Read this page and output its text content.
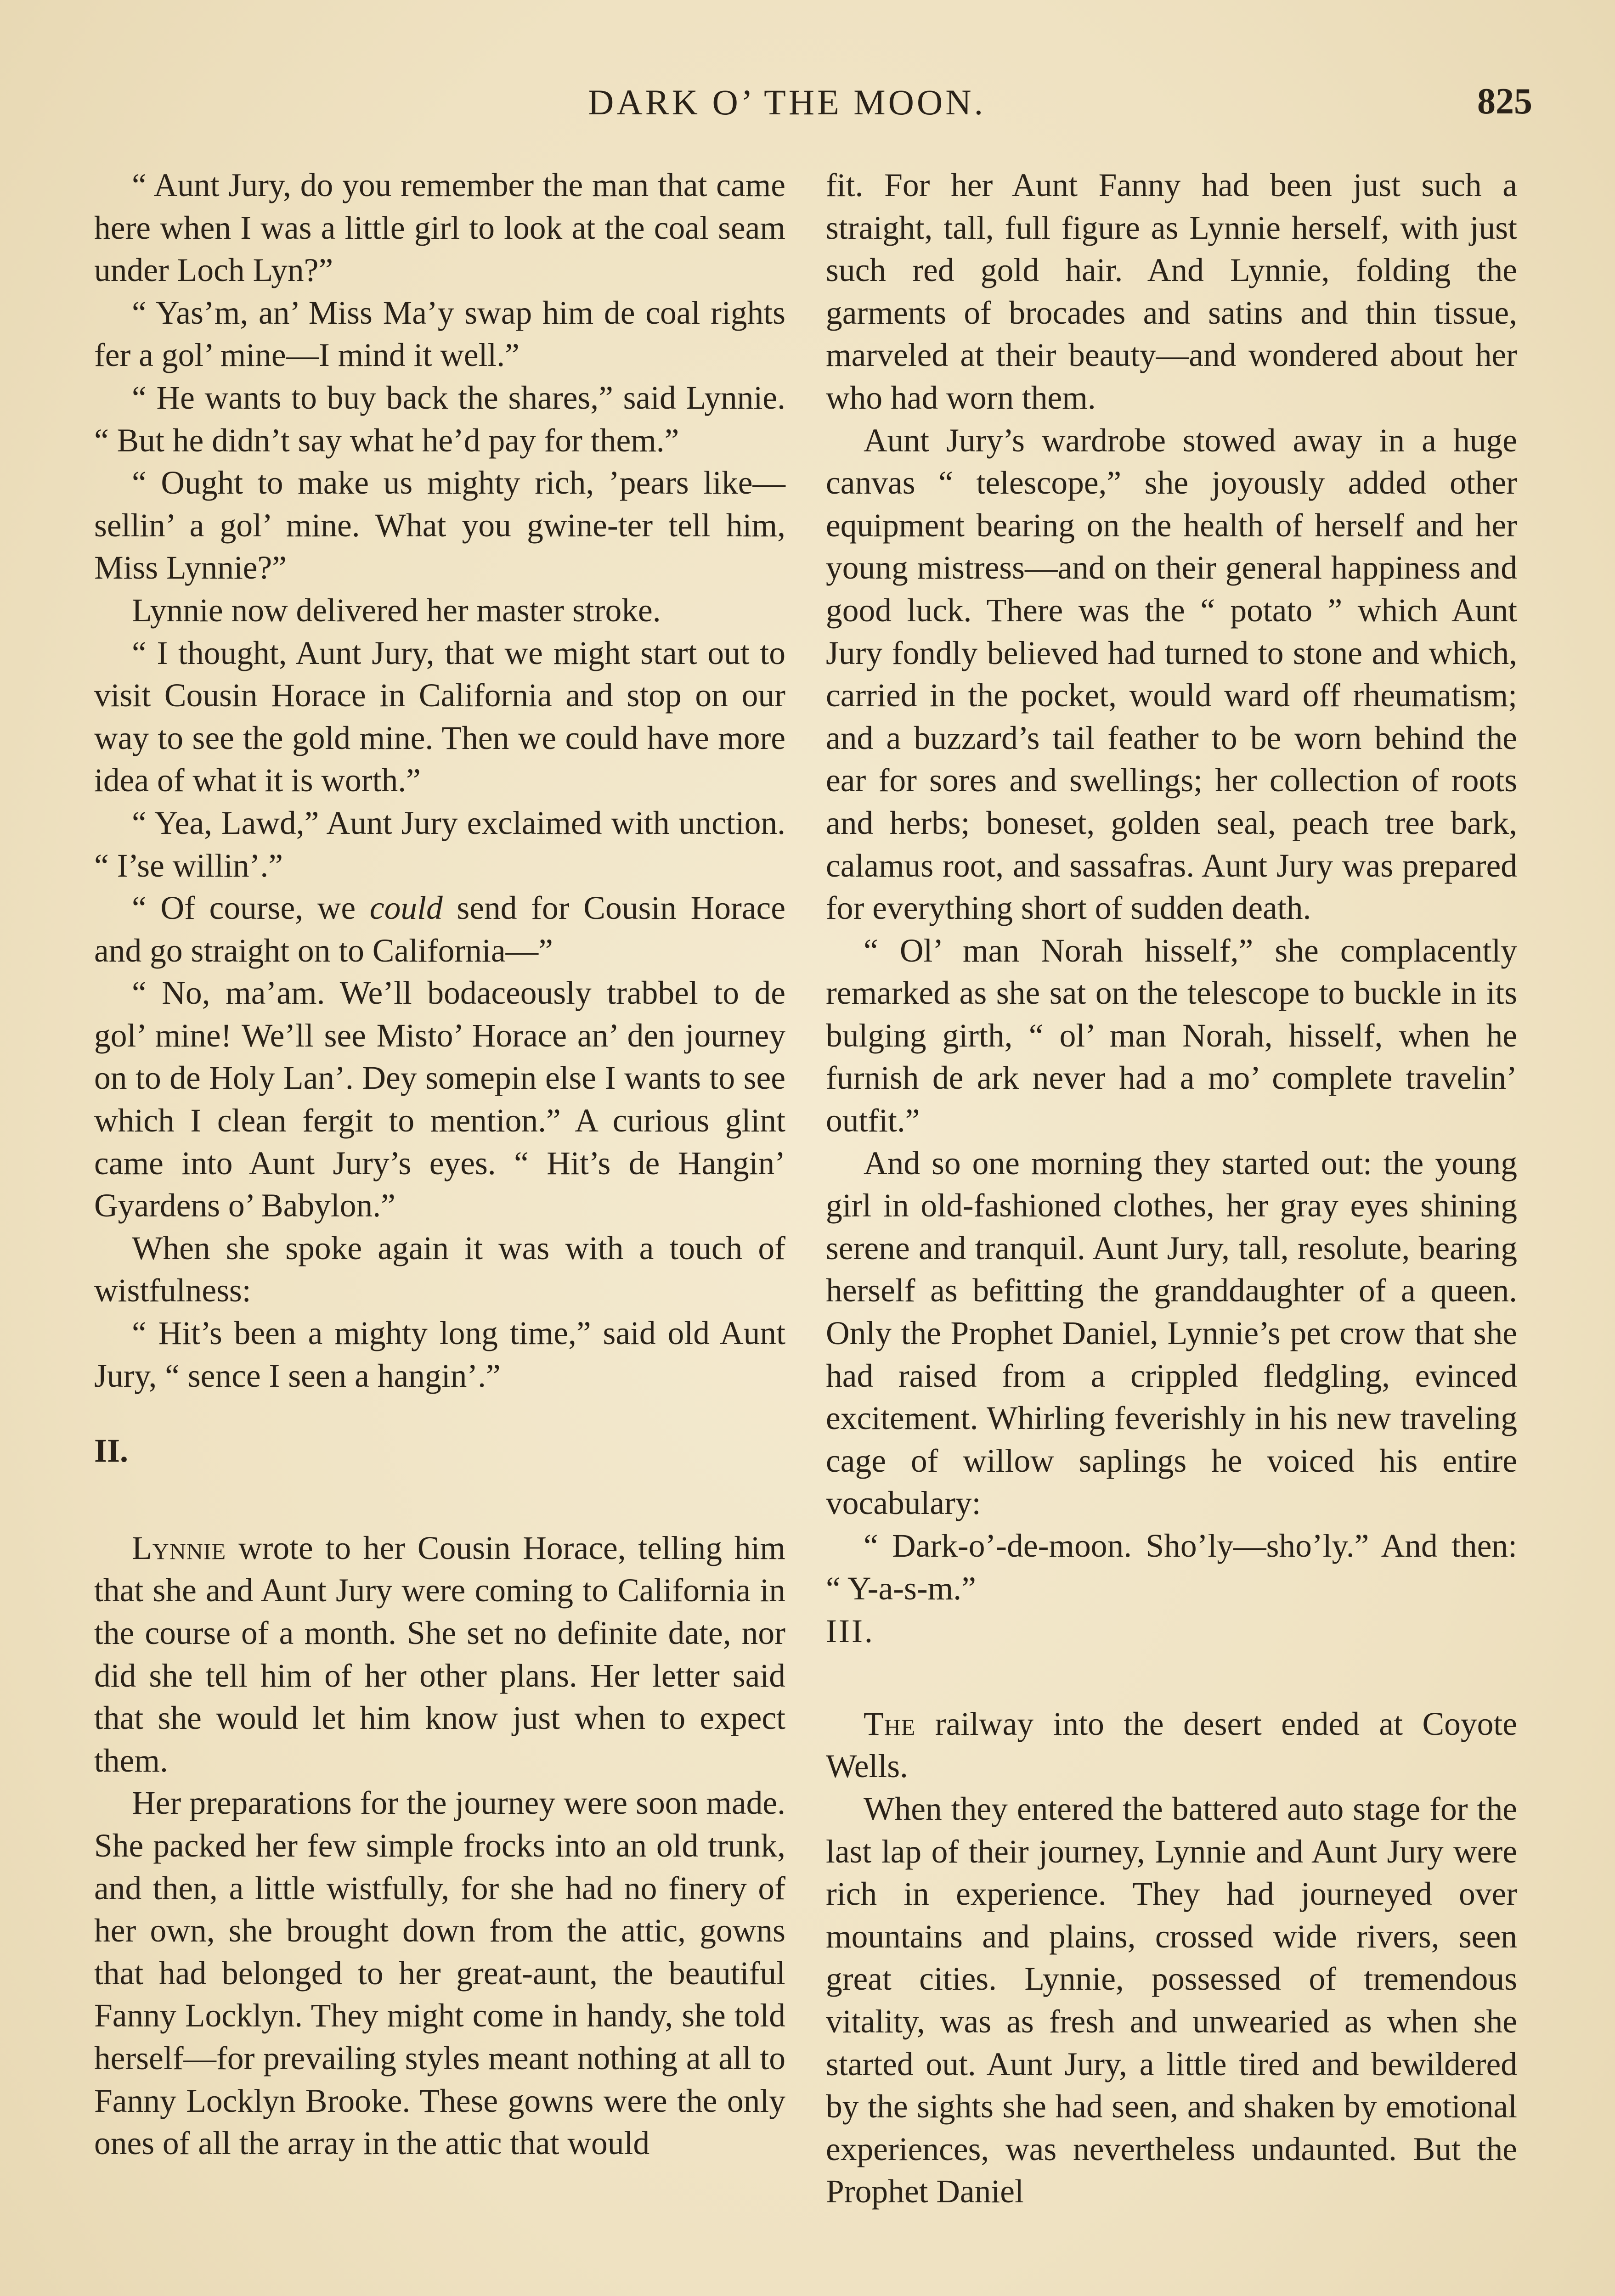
DARK O’ THE MOON.	825

“ Aunt Jury, do you remember the man that came here when I was a little girl to look at the coal seam under Loch Lyn?”

“ Yas’m, an’ Miss Ma’y swap him de coal rights fer a gol’ mine—I mind it well.”

“ He wants to buy back the shares,” said Lynnie. “ But he didn’t say what he’d pay for them.”

“ Ought to make us mighty rich, ’pears like—sellin’ a gol’ mine. What you gwine-ter tell him, Miss Lynnie?”

Lynnie now delivered her master stroke.

“ I thought, Aunt Jury, that we might start out to visit Cousin Horace in California and stop on our way to see the gold mine. Then we could have more idea of what it is worth.”

“ Yea, Lawd,” Aunt Jury exclaimed with unction. “ I’se willin’.”

“ Of course, we could send for Cousin Horace and go straight on to California—”

“ No, ma’am. We’ll bodaceously trabbel to de gol’ mine! We’ll see Misto’ Horace an’ den journey on to de Holy Lan’. Dey somepin else I wants to see which I clean fergit to mention.” A curious glint came into Aunt Jury’s eyes. “ Hit’s de Hangin’ Gyardens o’ Babylon.”

When she spoke again it was with a touch of wistfulness:

“ Hit’s been a mighty long time,” said old Aunt Jury, “ sence I seen a hangin’.”

II.

Lynnie wrote to her Cousin Horace, telling him that she and Aunt Jury were coming to California in the course of a month. She set no definite date, nor did she tell him of her other plans. Her letter said that she would let him know just when to expect them.

Her preparations for the journey were soon made. She packed her few simple frocks into an old trunk, and then, a little wistfully, for she had no finery of her own, she brought down from the attic, gowns that had belonged to her great-aunt, the beautiful Fanny Locklyn. They might come in handy, she told herself—for prevailing styles meant nothing at all to Fanny Locklyn Brooke. These gowns were the only ones of all the array in the attic that would

fit. For her Aunt Fanny had been just such a straight, tall, full figure as Lynnie herself, with just such red gold hair. And Lynnie, folding the garments of brocades and satins and thin tissue, marveled at their beauty—and wondered about her who had worn them.

Aunt Jury’s wardrobe stowed away in a huge canvas “ telescope,” she joyously added other equipment bearing on the health of herself and her young mistress—and on their general happiness and good luck. There was the “ potato ” which Aunt Jury fondly believed had turned to stone and which, carried in the pocket, would ward off rheumatism; and a buzzard’s tail feather to be worn behind the ear for sores and swellings; her collection of roots and herbs; boneset, golden seal, peach tree bark, calamus root, and sassafras. Aunt Jury was prepared for everything short of sudden death.

“ Ol’ man Norah hisself,” she complacently remarked as she sat on the telescope to buckle in its bulging girth, “ ol’ man Norah, hisself, when he furnish de ark never had a mo’ complete travelin’ outfit.”

And so one morning they started out: the young girl in old-fashioned clothes, her gray eyes shining serene and tranquil. Aunt Jury, tall, resolute, bearing herself as befitting the granddaughter of a queen. Only the Prophet Daniel, Lynnie’s pet crow that she had raised from a crippled fledgling, evinced excitement. Whirling feverishly in his new traveling cage of willow saplings he voiced his entire vocabulary:

“ Dark-o’-de-moon. Sho’ly—sho’ly.” And then: “ Y-a-s-m.”

III.

The railway into the desert ended at Coyote Wells.

When they entered the battered auto stage for the last lap of their journey, Lynnie and Aunt Jury were rich in experience. They had journeyed over mountains and plains, crossed wide rivers, seen great cities. Lynnie, possessed of tremendous vitality, was as fresh and unwearied as when she started out. Aunt Jury, a little tired and bewildered by the sights she had seen, and shaken by emotional experiences, was nevertheless undaunted. But the Prophet Daniel
